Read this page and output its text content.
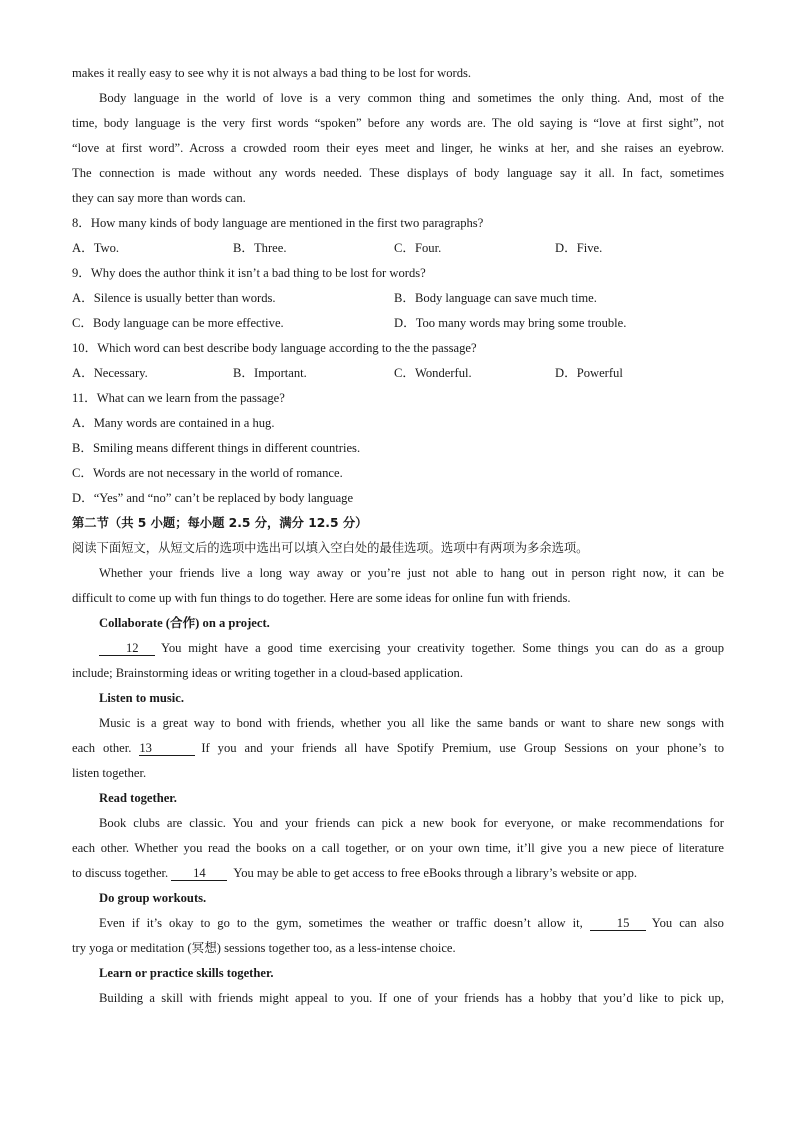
makes it really easy to see why it is not always a bad thing to be lost for words.
Body language in the world of love is a very common thing and sometimes the only thing. And, most of the
time, body language is the very first words “spoken” before any words are. The old saying is “love at first sight”, not
“love at first word”. Across a crowded room their eyes meet and linger, he winks at her, and she raises an eyebrow.
The connection is made without any words needed. These displays of body language say it all. In fact, sometimes
they can say more than words can.
8．How many kinds of body language are mentioned in the first two paragraphs?
A．Two.	B．Three.	C．Four.	D．Five.
9．Why does the author think it isn’t a bad thing to be lost for words?
A．Silence is usually better than words.	B．Body language can save much time.
C．Body language can be more effective.	D．Too many words may bring some trouble.
10．Which word can best describe body language according to the the passage?
A．Necessary.	B．Important.	C．Wonderful.	D．Powerful
11．What can we learn from the passage?
A．Many words are contained in a hug.
B．Smiling means different things in different countries.
C．Words are not necessary in the world of romance.
D．“Yes” and “no” can’t be replaced by body language
第二节（共 5 小题；每小题 2.5 分，满分 12.5 分）
阅读下面短文，从短文后的选项中选出可以填入空白处的最佳选项。选项中有两项为多余选项。
Whether your friends live a long way away or you’re just not able to hang out in person right now, it can be
difficult to come up with fun things to do together. Here are some ideas for online fun with friends.
Collaborate (合作) on a project.
12 You might have a good time exercising your creativity together. Some things you can do as a group
include; Brainstorming ideas or writing together in a cloud-based application.
Listen to music.
Music is a great way to bond with friends, whether you all like the same bands or want to share new songs with
each other. 13	If you and your friends all have Spotify Premium, use Group Sessions on your phone’s to
listen together.
Read together.
Book clubs are classic. You and your friends can pick a new book for everyone, or make recommendations for
each other. Whether you read the books on a call together, or on your own time, it’ll give you a new piece of literature
to discuss together. 14 You may be able to get access to free eBooks through a library’s website or app.
Do group workouts.
Even if it’s okay to go to the gym, sometimes the weather or traffic doesn’t allow it,	15 You can also
try yoga or meditation (冥想) sessions together too, as a less-intense choice.
Learn or practice skills together.
Building a skill with friends might appeal to you. If one of your friends has a hobby that you’d like to pick up,
